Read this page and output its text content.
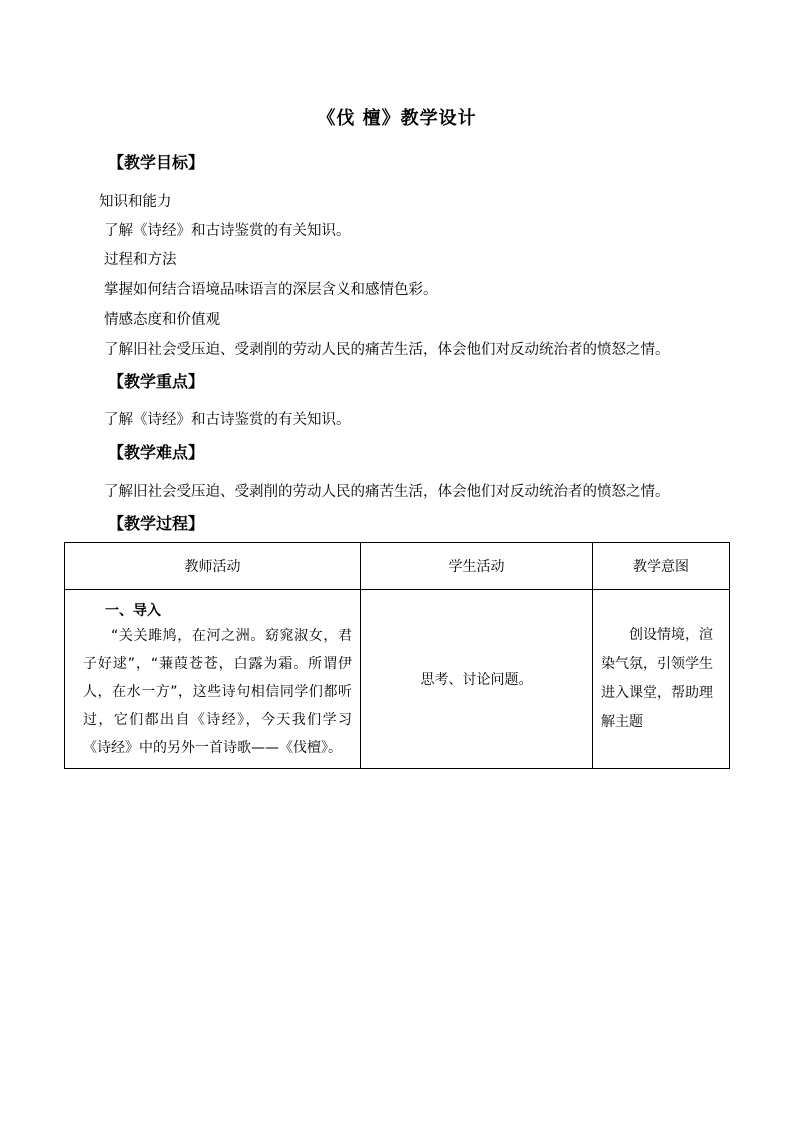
《伐 檀》教学设计
【教学目标】
知识和能力
了解《诗经》和古诗鉴赏的有关知识。
过程和方法
掌握如何结合语境品味语言的深层含义和感情色彩。
情感态度和价值观
了解旧社会受压迫、受剥削的劳动人民的痛苦生活，体会他们对反动统治者的愤怒之情。
【教学重点】
了解《诗经》和古诗鉴赏的有关知识。
【教学难点】
了解旧社会受压迫、受剥削的劳动人民的痛苦生活，体会他们对反动统治者的愤怒之情。
【教学过程】
教师活动	学生活动	教学意图

一、导入
“关关雎鸠，在河之洲。窈窕淑女，君子好逑”，“蒹葭苍苍，白露为霜。所谓伊人，在水一方”，这些诗句相信同学们都听过，它们都出自《诗经》，今天我们学习《诗经》中的另外一首诗歌——《伐檀》。	思考、讨论问题。	创设情境，渲染气氛，引领学生进入课堂，帮助理解主题
